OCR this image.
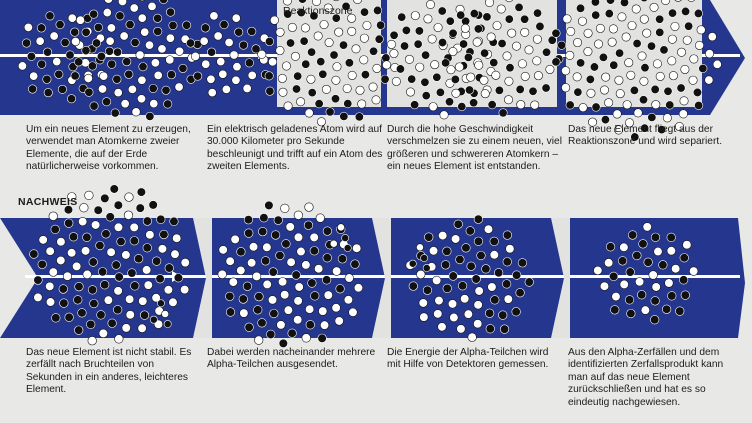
Reaktionszone
Um ein neues Element zu erzeugen, verwendet man Atomkerne zweier Elemente, die auf der Erde natürlicherweise vorkommen.
Ein elektrisch geladenes Atom wird auf 30.000 Kilometer pro Sekunde beschleunigt und trifft auf ein Atom des zweiten Elements.
Durch die hohe Geschwindigkeit verschmelzen sie zu einem neuen, viel größeren und schwereren Atomkern – ein neues Element ist entstanden.
Das neue Element fliegt aus der Reaktionszone und wird separiert.
NACHWEIS
Das neue Element ist nicht stabil. Es zerfällt nach Bruchteilen von Sekunden in ein anderes, leichteres Element.
Dabei werden nacheinander mehrere Alpha-Teilchen ausgesendet.
Die Energie der Alpha-Teilchen wird mit Hilfe von Detektoren gemessen.
Aus den Alpha-Zerfällen und dem identifizierten Zerfallsprodukt kann man auf das neue Element zurückschließen und hat es so eindeutig nachgewiesen.
